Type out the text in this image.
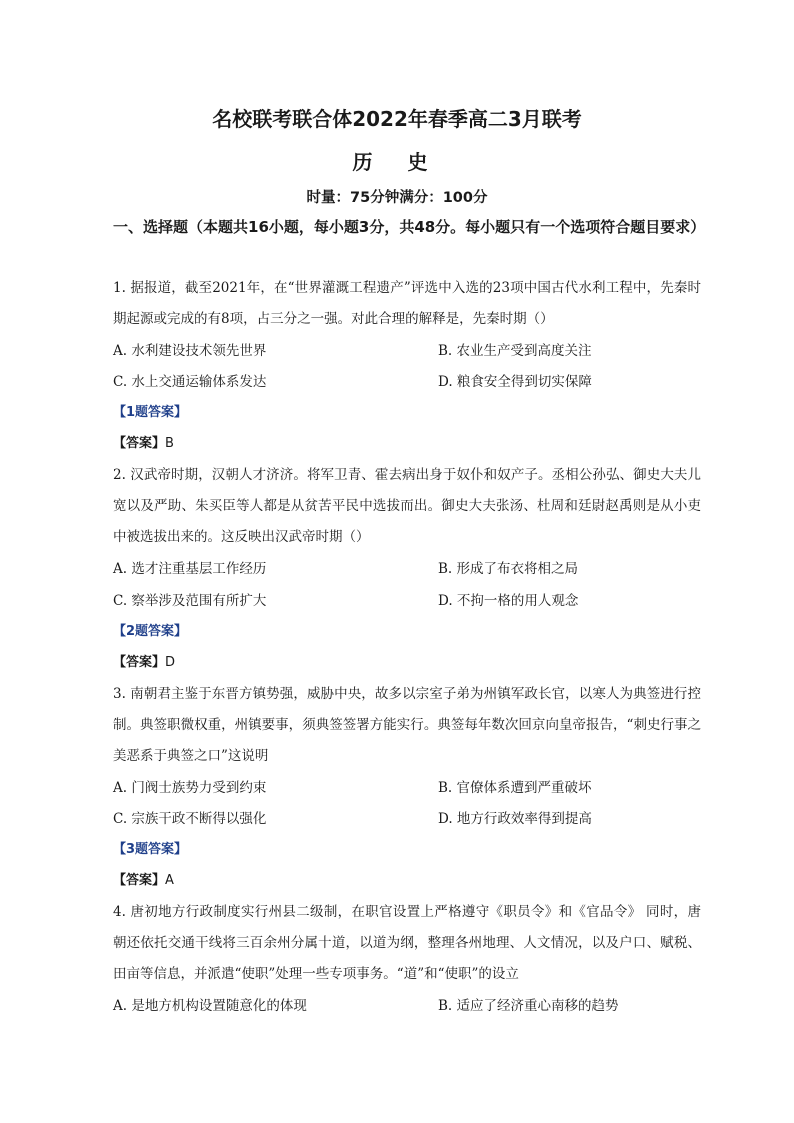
名校联考联合体2022年春季高二3月联考
历 史
时量：75分钟满分：100分
一、选择题（本题共16小题，每小题3分，共48分。每小题只有一个选项符合题目要求）
1. 据报道，截至2021年，在“世界灌溉工程遗产”评选中入选的23项中国古代水利工程中，先秦时期起源或完成的有8项，占三分之一强。对此合理的解释是，先秦时期（）
A. 水利建设技术领先世界	B. 农业生产受到高度关注
C. 水上交通运输体系发达	D. 粮食安全得到切实保障
【1题答案】
【答案】B
2. 汉武帝时期，汉朝人才济济。将军卫青、霍去病出身于奴仆和奴产子。丞相公孙弘、御史大夫儿宽以及严助、朱买臣等人都是从贫苦平民中选拔而出。御史大夫张汤、杜周和廷尉赵禹则是从小吏中被选拔出来的。这反映出汉武帝时期（）
A. 选才注重基层工作经历	B. 形成了布衣将相之局
C. 察举涉及范围有所扩大	D. 不拘一格的用人观念
【2题答案】
【答案】D
3. 南朝君主鉴于东晋方镇势强，威胁中央，故多以宗室子弟为州镇军政长官，以寒人为典签进行控制。典签职微权重，州镇要事，须典签签署方能实行。典签每年数次回京向皇帝报告，“刺史行事之美恶系于典签之口”这说明
A. 门阀士族势力受到约束	B. 官僚体系遭到严重破坏
C. 宗族干政不断得以强化	D. 地方行政效率得到提高
【3题答案】
【答案】A
4. 唐初地方行政制度实行州县二级制，在职官设置上严格遵守《职员令》和《官品令》 同时，唐朝还依托交通干线将三百余州分属十道，以道为纲，整理各州地理、人文情况，以及户口、赋税、田亩等信息，并派遣“使职”处理一些专项事务。“道”和“使职”的设立
A. 是地方机构设置随意化的体现	B. 适应了经济重心南移的趋势
